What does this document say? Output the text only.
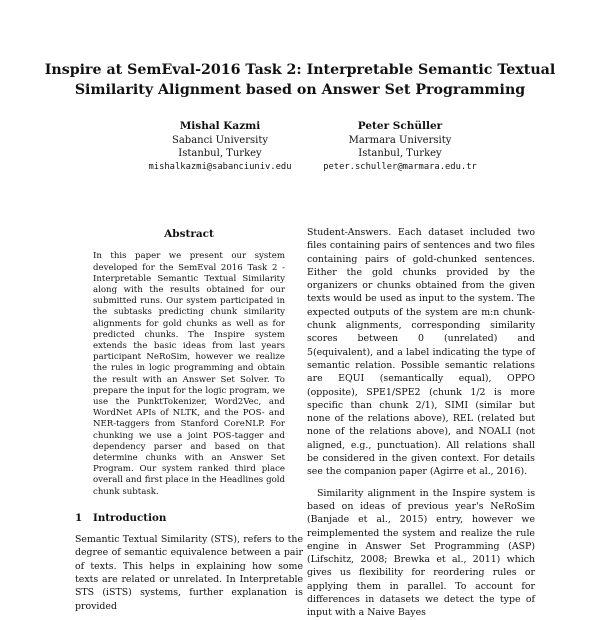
Inspire at SemEval-2016 Task 2: Interpretable Semantic Textual
Similarity Alignment based on Answer Set Programming
Mishal Kazmi
Sabanci University
Istanbul, Turkey
mishalkazmi@sabanciuniv.edu
Peter Schüller
Marmara University
Istanbul, Turkey
peter.schuller@marmara.edu.tr
Abstract
In this paper we present our system developed for the SemEval 2016 Task 2 - Interpretable Semantic Textual Similarity along with the results obtained for our submitted runs. Our system participated in the subtasks predicting chunk similarity alignments for gold chunks as well as for predicted chunks. The Inspire system extends the basic ideas from last years participant NeRoSim, however we realize the rules in logic programming and obtain the result with an Answer Set Solver. To prepare the input for the logic program, we use the PunktTokenizer, Word2Vec, and WordNet APIs of NLTK, and the POS- and NER-taggers from Stanford CoreNLP. For chunking we use a joint POS-tagger and dependency parser and based on that determine chunks with an Answer Set Program. Our system ranked third place overall and first place in the Headlines gold chunk subtask.
1 Introduction

Semantic Textual Similarity (STS), refers to the degree of semantic equivalence between a pair of texts. This helps in explaining how some texts are related or unrelated. In Interpretable STS (iSTS) systems, further explanation is provided

Student-Answers. Each dataset included two files containing pairs of sentences and two files containing pairs of gold-chunked sentences. Either the gold chunks provided by the organizers or chunks obtained from the given texts would be used as input to the system. The expected outputs of the system are m:n chunk-chunk alignments, corresponding similarity scores between 0 (unrelated) and 5(equivalent), and a label indicating the type of semantic relation. Possible semantic relations are EQUI (semantically equal), OPPO (opposite), SPE1/SPE2 (chunk 1/2 is more specific than chunk 2/1), SIMI (similar but none of the relations above), REL (related but none of the relations above), and NOALI (not aligned, e.g., punctuation). All relations shall be considered in the given context. For details see the companion paper (Agirre et al., 2016).

Similarity alignment in the Inspire system is based on ideas of previous year's NeRoSim (Banjade et al., 2015) entry, however we reimplemented the system and realize the rule engine in Answer Set Programming (ASP) (Lifschitz, 2008; Brewka et al., 2011) which gives us flexibility for reordering rules or applying them in parallel. To account for differences in datasets we detect the type of input with a Naive Bayes
